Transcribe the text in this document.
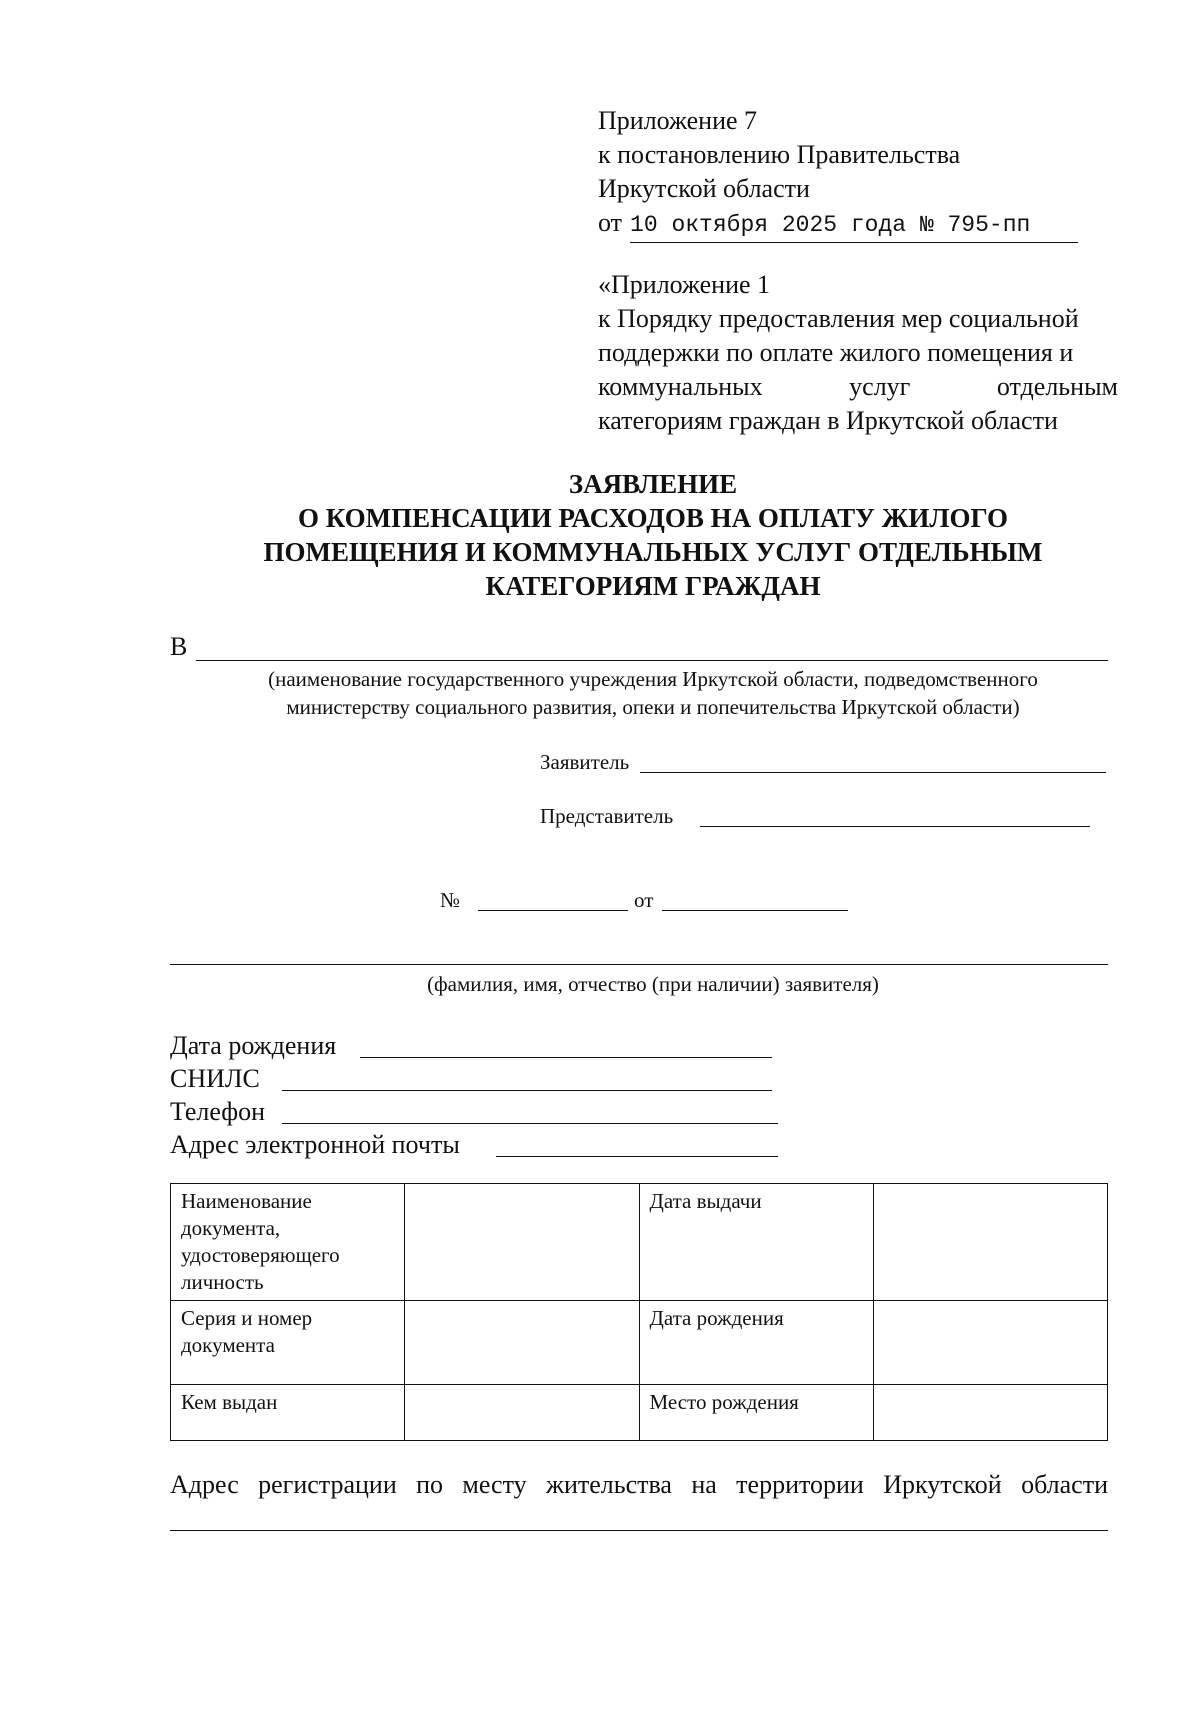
Приложение 7
к постановлению Правительства
Иркутской области
от 10 октября 2025 года № 795-пп
«Приложение 1
к Порядку предоставления мер социальной
поддержки по оплате жилого помещения и
коммунальных услуг отдельным
категориям граждан в Иркутской области
ЗАЯВЛЕНИЕ
О КОМПЕНСАЦИИ РАСХОДОВ НА ОПЛАТУ ЖИЛОГО
ПОМЕЩЕНИЯ И КОММУНАЛЬНЫХ УСЛУГ ОТДЕЛЬНЫМ
КАТЕГОРИЯМ ГРАЖДАН
В
(наименование государственного учреждения Иркутской области, подведомственного
министерству социального развития, опеки и попечительства Иркутской области)
Заявитель
Представитель
№	от
(фамилия, имя, отчество (при наличии) заявителя)
Дата рождения
СНИЛС
Телефон
Адрес электронной почты
Наименование документа, удостоверяющего личность		Дата выдачи	
Серия и номер документа		Дата рождения	
Кем выдан		Место рождения	
Адрес регистрации по месту жительства на территории Иркутской области
